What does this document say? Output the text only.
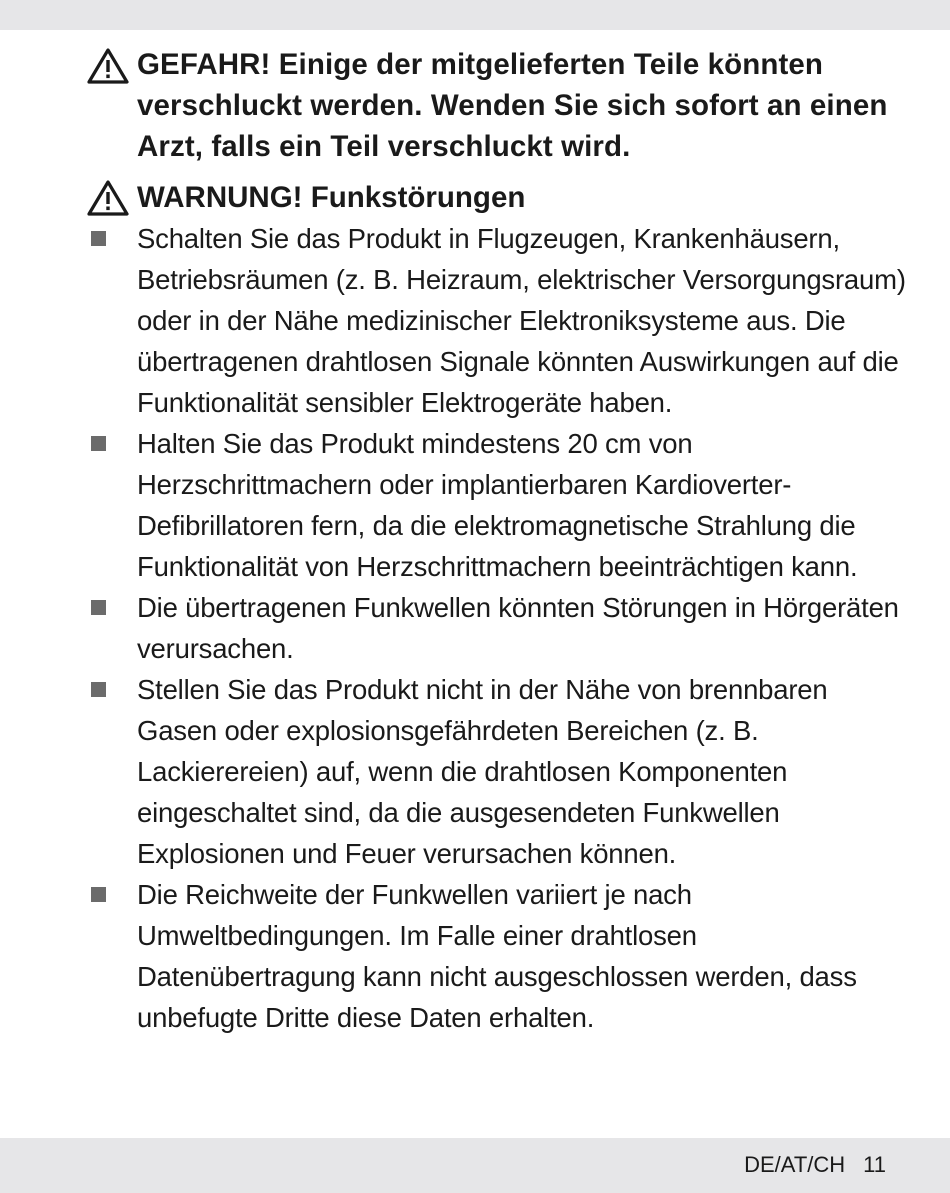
GEFAHR! Einige der mitgelieferten Teile könnten verschluckt werden. Wenden Sie sich sofort an einen Arzt, falls ein Teil verschluckt wird.
WARNUNG! Funkstörungen
Schalten Sie das Produkt in Flugzeugen, Krankenhäusern, Betriebsräumen (z. B. Heizraum, elektrischer Versorgungsraum) oder in der Nähe medizinischer Elektroniksysteme aus. Die übertragenen drahtlosen Signale könnten Auswirkungen auf die Funktionalität sensibler Elektrogeräte haben.
Halten Sie das Produkt mindestens 20 cm von Herzschrittmachern oder implantierbaren Kardioverter-Defibrillatoren fern, da die elektromagnetische Strahlung die Funktionalität von Herzschrittmachern beeinträchtigen kann.
Die übertragenen Funkwellen könnten Störungen in Hörgeräten verursachen.
Stellen Sie das Produkt nicht in der Nähe von brennbaren Gasen oder explosionsgefährdeten Bereichen (z. B. Lackierereien) auf, wenn die drahtlosen Komponenten eingeschaltet sind, da die ausgesendeten Funkwellen Explosionen und Feuer verursachen können.
Die Reichweite der Funkwellen variiert je nach Umweltbedingungen. Im Falle einer drahtlosen Datenübertragung kann nicht ausgeschlossen werden, dass unbefugte Dritte diese Daten erhalten.
DE/AT/CH 11
